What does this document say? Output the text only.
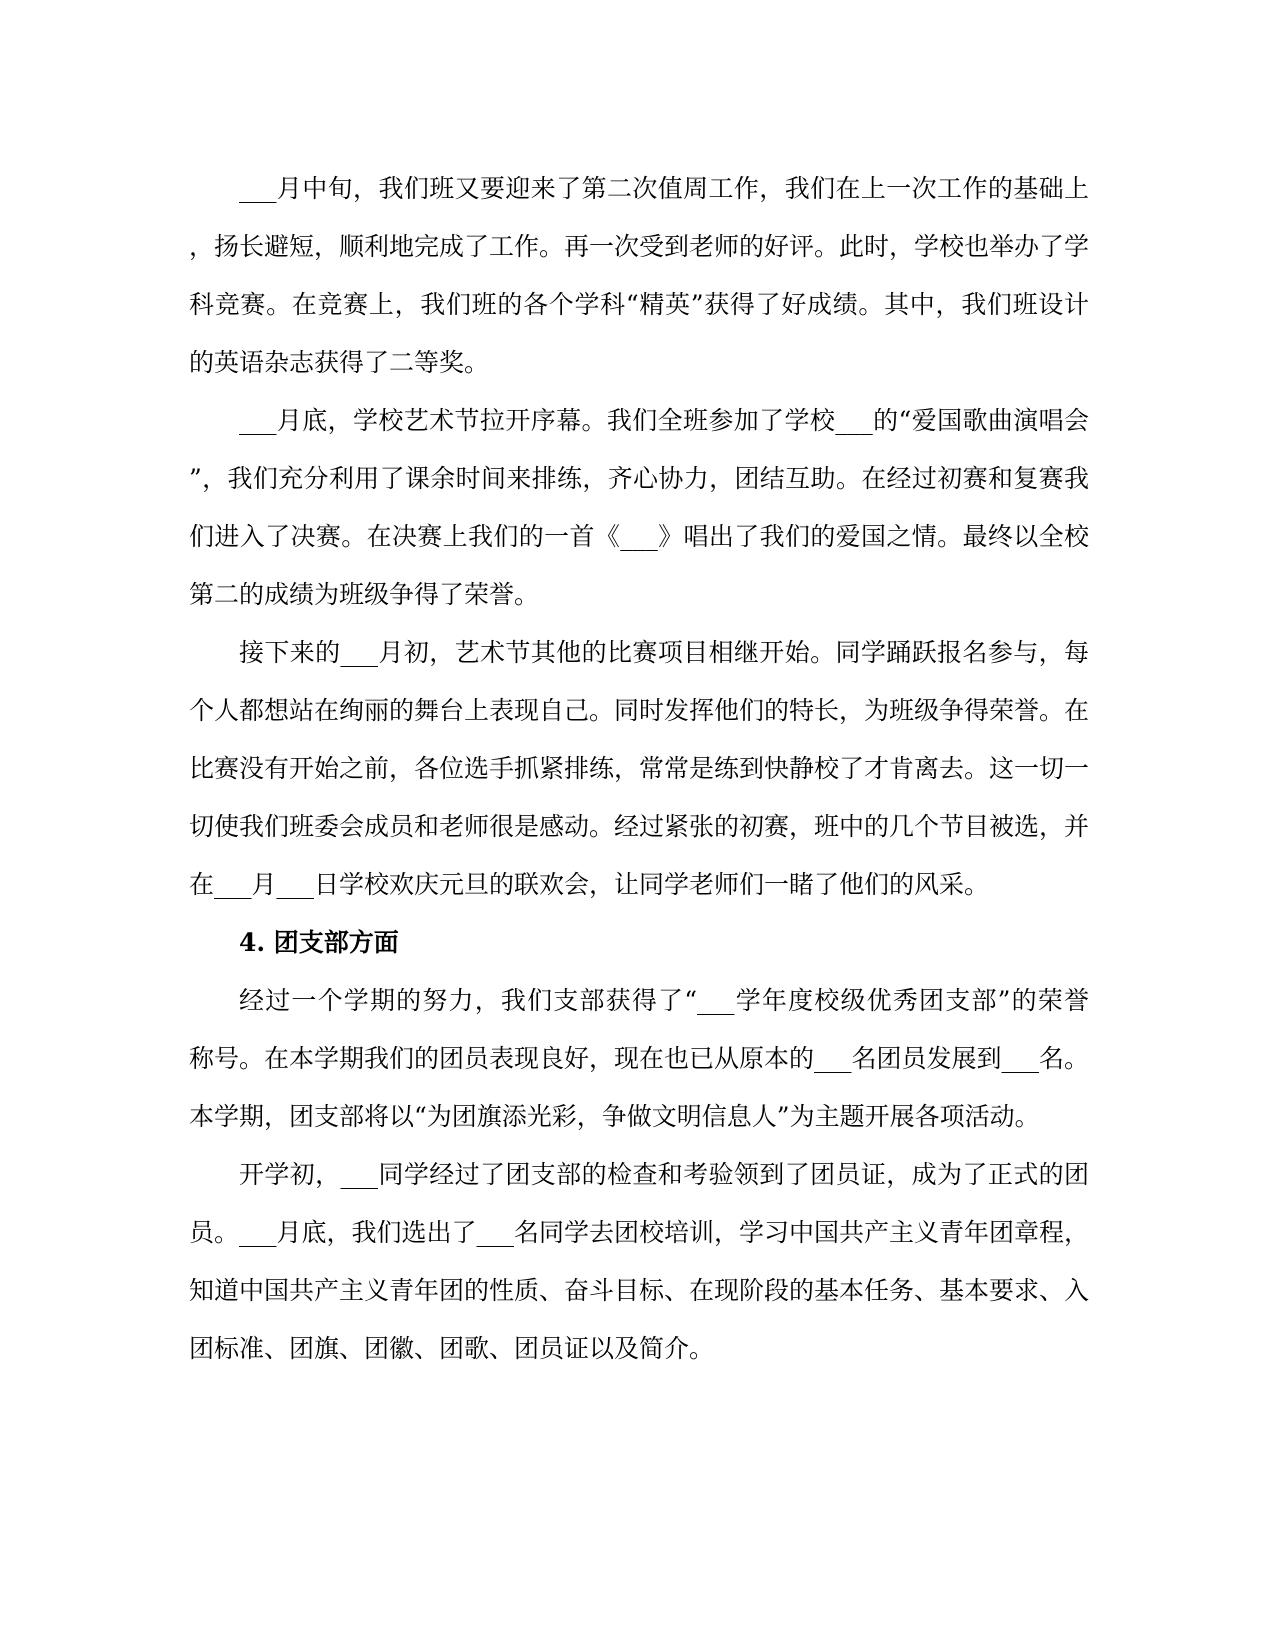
___月中旬，我们班又要迎来了第二次值周工作，我们在上一次工作的基础上
，扬长避短，顺利地完成了工作。再一次受到老师的好评。此时，学校也举办了学
科竞赛。在竞赛上，我们班的各个学科“精英”获得了好成绩。其中，我们班设计
的英语杂志获得了二等奖。
___月底，学校艺术节拉开序幕。我们全班参加了学校___的“爱国歌曲演唱会
”，我们充分利用了课余时间来排练，齐心协力，团结互助。在经过初赛和复赛我
们进入了决赛。在决赛上我们的一首《___》唱出了我们的爱国之情。最终以全校
第二的成绩为班级争得了荣誉。
接下来的___月初，艺术节其他的比赛项目相继开始。同学踊跃报名参与，每
个人都想站在绚丽的舞台上表现自己。同时发挥他们的特长，为班级争得荣誉。在
比赛没有开始之前，各位选手抓紧排练，常常是练到快静校了才肯离去。这一切一
切使我们班委会成员和老师很是感动。经过紧张的初赛，班中的几个节目被选，并
在___月___日学校欢庆元旦的联欢会，让同学老师们一睹了他们的风采。
4. 团支部方面
经过一个学期的努力，我们支部获得了“___学年度校级优秀团支部”的荣誉
称号。在本学期我们的团员表现良好，现在也已从原本的___名团员发展到___名。
本学期，团支部将以“为团旗添光彩，争做文明信息人”为主题开展各项活动。
开学初，___同学经过了团支部的检查和考验领到了团员证，成为了正式的团
员。___月底，我们选出了___名同学去团校培训，学习中国共产主义青年团章程，
知道中国共产主义青年团的性质、奋斗目标、在现阶段的基本任务、基本要求、入
团标准、团旗、团徽、团歌、团员证以及简介。
